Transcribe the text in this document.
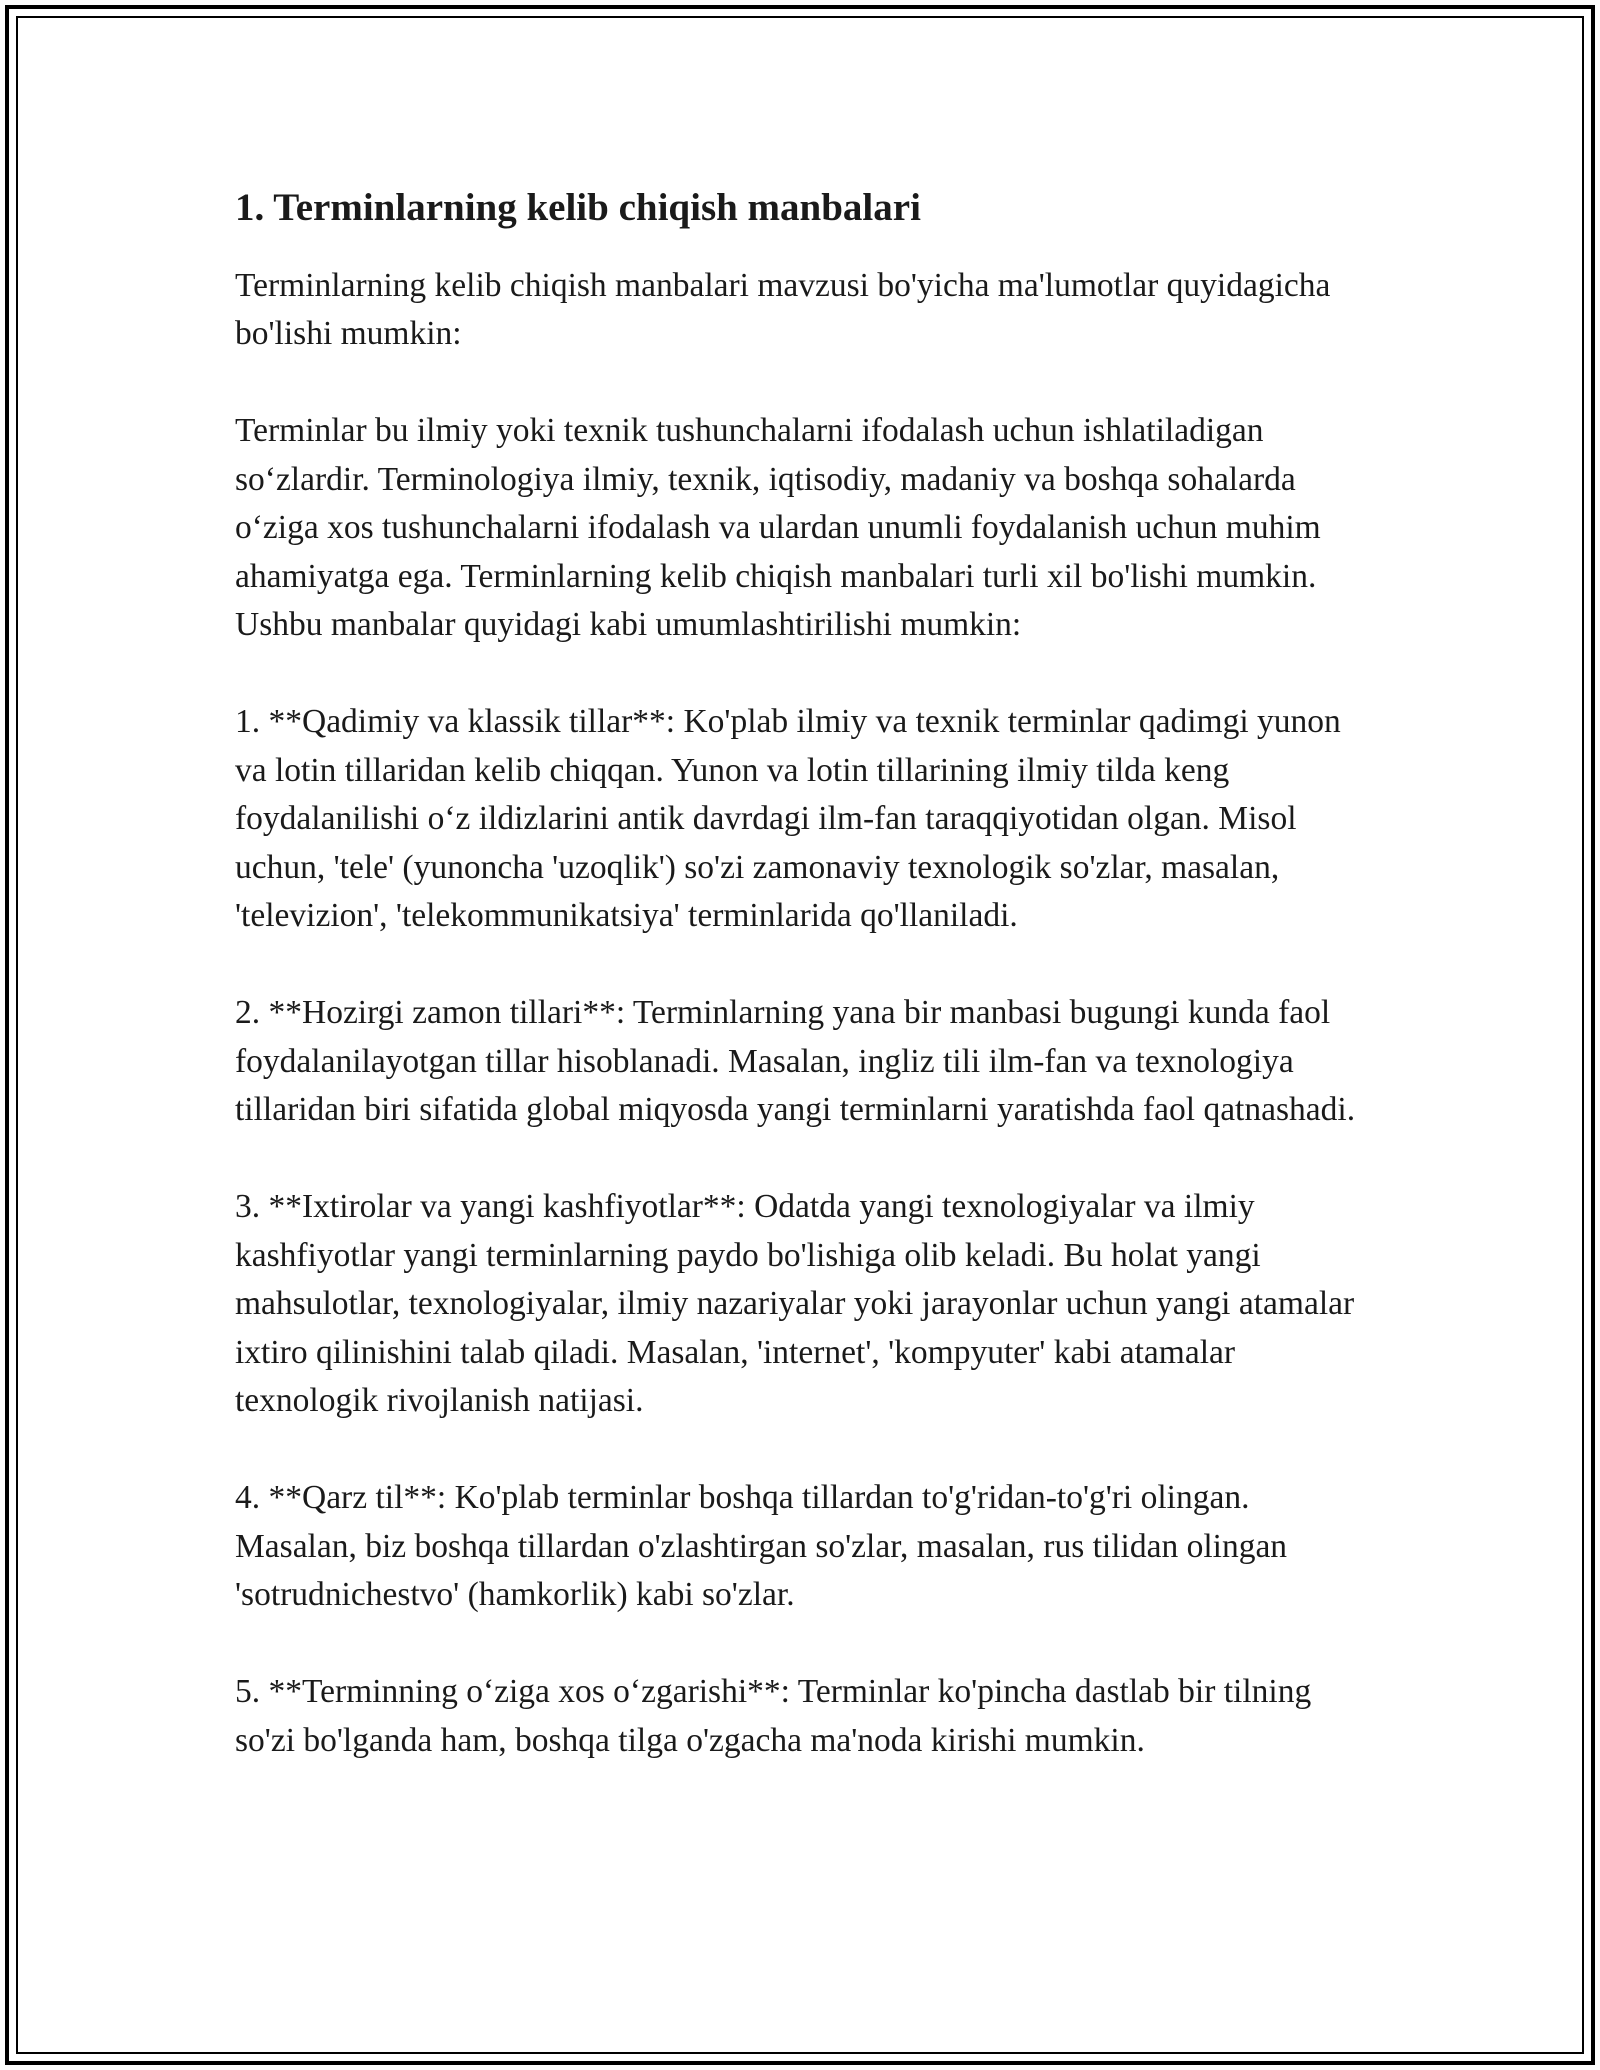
1. Terminlarning kelib chiqish manbalari

Terminlarning kelib chiqish manbalari mavzusi bo'yicha ma'lumotlar quyidagicha bo'lishi mumkin:

Terminlar bu ilmiy yoki texnik tushunchalarni ifodalash uchun ishlatiladigan so‘zlardir. Terminologiya ilmiy, texnik, iqtisodiy, madaniy va boshqa sohalarda o‘ziga xos tushunchalarni ifodalash va ulardan unumli foydalanish uchun muhim ahamiyatga ega. Terminlarning kelib chiqish manbalari turli xil bo'lishi mumkin. Ushbu manbalar quyidagi kabi umumlashtirilishi mumkin:

1. **Qadimiy va klassik tillar**: Ko'plab ilmiy va texnik terminlar qadimgi yunon va lotin tillaridan kelib chiqqan. Yunon va lotin tillarining ilmiy tilda keng foydalanilishi o‘z ildizlarini antik davrdagi ilm-fan taraqqiyotidan olgan. Misol uchun, 'tele' (yunoncha 'uzoqlik') so'zi zamonaviy texnologik so'zlar, masalan, 'televizion', 'telekommunikatsiya' terminlarida qo'llaniladi.

2. **Hozirgi zamon tillari**: Terminlarning yana bir manbasi bugungi kunda faol foydalanilayotgan tillar hisoblanadi. Masalan, ingliz tili ilm-fan va texnologiya tillaridan biri sifatida global miqyosda yangi terminlarni yaratishda faol qatnashadi.

3. **Ixtirolar va yangi kashfiyotlar**: Odatda yangi texnologiyalar va ilmiy kashfiyotlar yangi terminlarning paydo bo'lishiga olib keladi. Bu holat yangi mahsulotlar, texnologiyalar, ilmiy nazariyalar yoki jarayonlar uchun yangi atamalar ixtiro qilinishini talab qiladi. Masalan, 'internet', 'kompyuter' kabi atamalar texnologik rivojlanish natijasi.

4. **Qarz til**: Ko'plab terminlar boshqa tillardan to'g'ridan-to'g'ri olingan. Masalan, biz boshqa tillardan o'zlashtirgan so'zlar, masalan, rus tilidan olingan 'sotrudnichestvo' (hamkorlik) kabi so'zlar.

5. **Terminning o‘ziga xos o‘zgarishi**: Terminlar ko'pincha dastlab bir tilning so'zi bo'lganda ham, boshqa tilga o'zgacha ma'noda kirishi mumkin.
